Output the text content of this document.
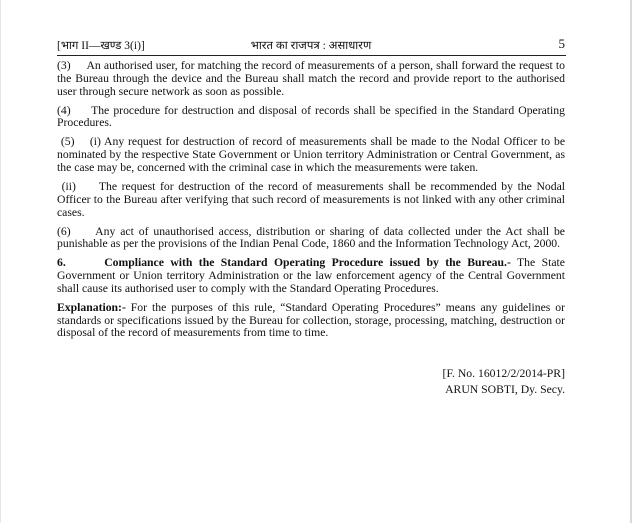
[भाग II—खण्ड 3(i)]	भारत का राजपत्र : असाधारण	5

(3) An authorised user, for matching the record of measurements of a person, shall forward the request to the Bureau through the device and the Bureau shall match the record and provide report to the authorised user through secure network as soon as possible.

(4) The procedure for destruction and disposal of records shall be specified in the Standard Operating Procedures.

(5) (i) Any request for destruction of record of measurements shall be made to the Nodal Officer to be nominated by the respective State Government or Union territory Administration or Central Government, as the case may be, concerned with the criminal case in which the measurements were taken.

(ii) The request for destruction of the record of measurements shall be recommended by the Nodal Officer to the Bureau after verifying that such record of measurements is not linked with any other criminal cases.

(6) Any act of unauthorised access, distribution or sharing of data collected under the Act shall be punishable as per the provisions of the Indian Penal Code, 1860 and the Information Technology Act, 2000.

6.	Compliance with the Standard Operating Procedure issued by the Bureau.- The State Government or Union territory Administration or the law enforcement agency of the Central Government shall cause its authorised user to comply with the Standard Operating Procedures.

Explanation:- For the purposes of this rule, “Standard Operating Procedures” means any guidelines or standards or specifications issued by the Bureau for collection, storage, processing, matching, destruction or disposal of the record of measurements from time to time.

[F. No. 16012/2/2014-PR]
ARUN SOBTI, Dy. Secy.
